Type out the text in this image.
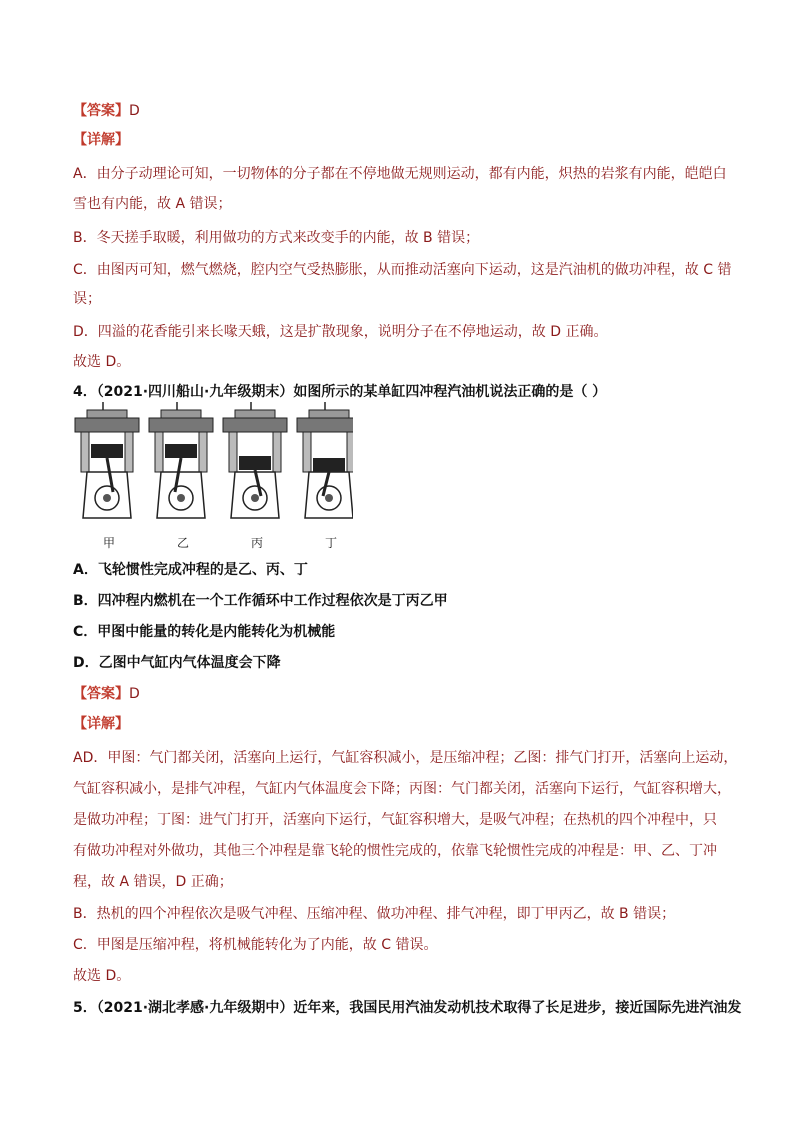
【答案】D
【详解】
A．由分子动理论可知，一切物体的分子都在不停地做无规则运动，都有内能，炽热的岩浆有内能，皑皑白
雪也有内能，故 A 错误；
B．冬天搓手取暖，利用做功的方式来改变手的内能，故 B 错误；
C．由图丙可知，燃气燃烧，腔内空气受热膨胀，从而推动活塞向下运动，这是汽油机的做功冲程，故 C 错
误；
D．四溢的花香能引来长喙天蛾，这是扩散现象，说明分子在不停地运动，故 D 正确。
故选 D。
4．（2021·四川船山·九年级期末）如图所示的某单缸四冲程汽油机说法正确的是（ ）
甲	乙	丙	丁
A．飞轮惯性完成冲程的是乙、丙、丁
B．四冲程内燃机在一个工作循环中工作过程依次是丁丙乙甲
C．甲图中能量的转化是内能转化为机械能
D．乙图中气缸内气体温度会下降
【答案】D
【详解】
AD．甲图：气门都关闭，活塞向上运行，气缸容积减小，是压缩冲程；乙图：排气门打开，活塞向上运动，
气缸容积减小，是排气冲程，气缸内气体温度会下降；丙图：气门都关闭，活塞向下运行，气缸容积增大，
是做功冲程；丁图：进气门打开，活塞向下运行，气缸容积增大，是吸气冲程；在热机的四个冲程中，只
有做功冲程对外做功，其他三个冲程是靠飞轮的惯性完成的，依靠飞轮惯性完成的冲程是：甲、乙、丁冲
程，故 A 错误，D 正确；
B．热机的四个冲程依次是吸气冲程、压缩冲程、做功冲程、排气冲程，即丁甲丙乙，故 B 错误；
C．甲图是压缩冲程，将机械能转化为了内能，故 C 错误。
故选 D。
5．（2021·湖北孝感·九年级期中）近年来，我国民用汽油发动机技术取得了长足进步，接近国际先进汽油发
